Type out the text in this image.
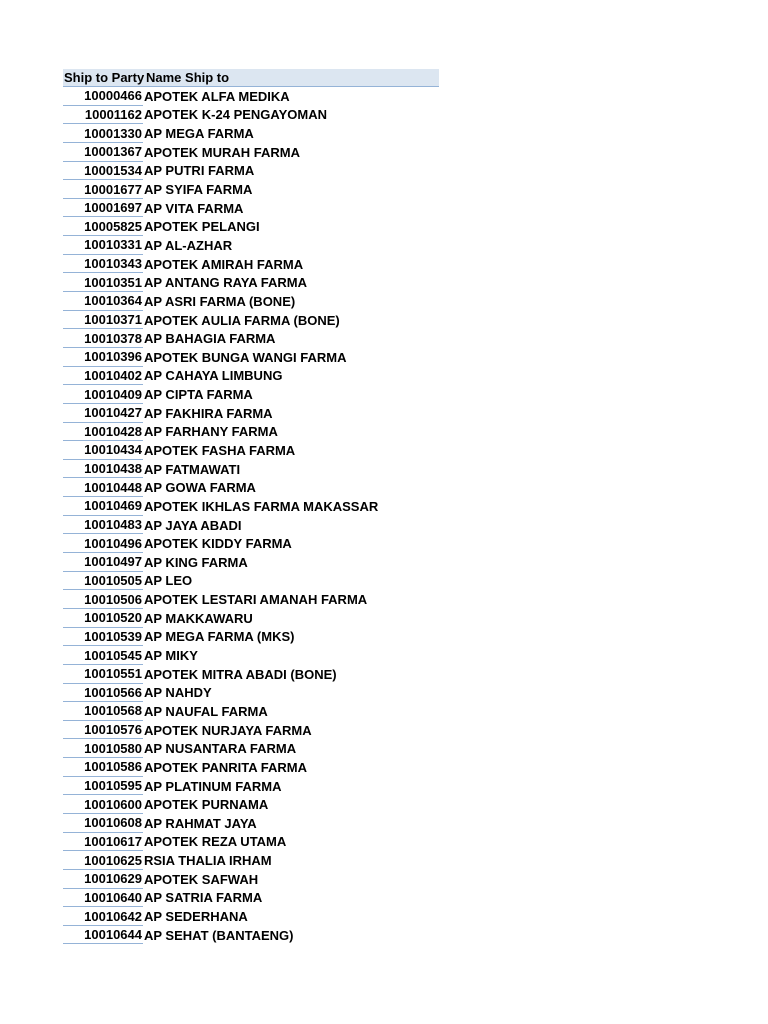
Ship to Party Name Ship to
10000466 APOTEK ALFA MEDIKA
10001162 APOTEK K-24 PENGAYOMAN
10001330 AP MEGA FARMA
10001367 APOTEK MURAH FARMA
10001534 AP PUTRI FARMA
10001677 AP SYIFA FARMA
10001697 AP VITA FARMA
10005825 APOTEK PELANGI
10010331 AP AL-AZHAR
10010343 APOTEK AMIRAH FARMA
10010351 AP ANTANG RAYA FARMA
10010364 AP ASRI FARMA (BONE)
10010371 APOTEK AULIA FARMA (BONE)
10010378 AP BAHAGIA FARMA
10010396 APOTEK BUNGA WANGI FARMA
10010402 AP CAHAYA LIMBUNG
10010409 AP CIPTA FARMA
10010427 AP FAKHIRA FARMA
10010428 AP FARHANY FARMA
10010434 APOTEK FASHA FARMA
10010438 AP FATMAWATI
10010448 AP GOWA FARMA
10010469 APOTEK IKHLAS FARMA MAKASSAR
10010483 AP JAYA ABADI
10010496 APOTEK KIDDY FARMA
10010497 AP KING FARMA
10010505 AP LEO
10010506 APOTEK LESTARI AMANAH FARMA
10010520 AP MAKKAWARU
10010539 AP MEGA FARMA (MKS)
10010545 AP MIKY
10010551 APOTEK MITRA ABADI (BONE)
10010566 AP NAHDY
10010568 AP NAUFAL FARMA
10010576 APOTEK NURJAYA FARMA
10010580 AP NUSANTARA FARMA
10010586 APOTEK PANRITA FARMA
10010595 AP PLATINUM FARMA
10010600 APOTEK PURNAMA
10010608 AP RAHMAT JAYA
10010617 APOTEK REZA UTAMA
10010625 RSIA THALIA IRHAM
10010629 APOTEK SAFWAH
10010640 AP SATRIA FARMA
10010642 AP SEDERHANA
10010644 AP SEHAT (BANTAENG)
